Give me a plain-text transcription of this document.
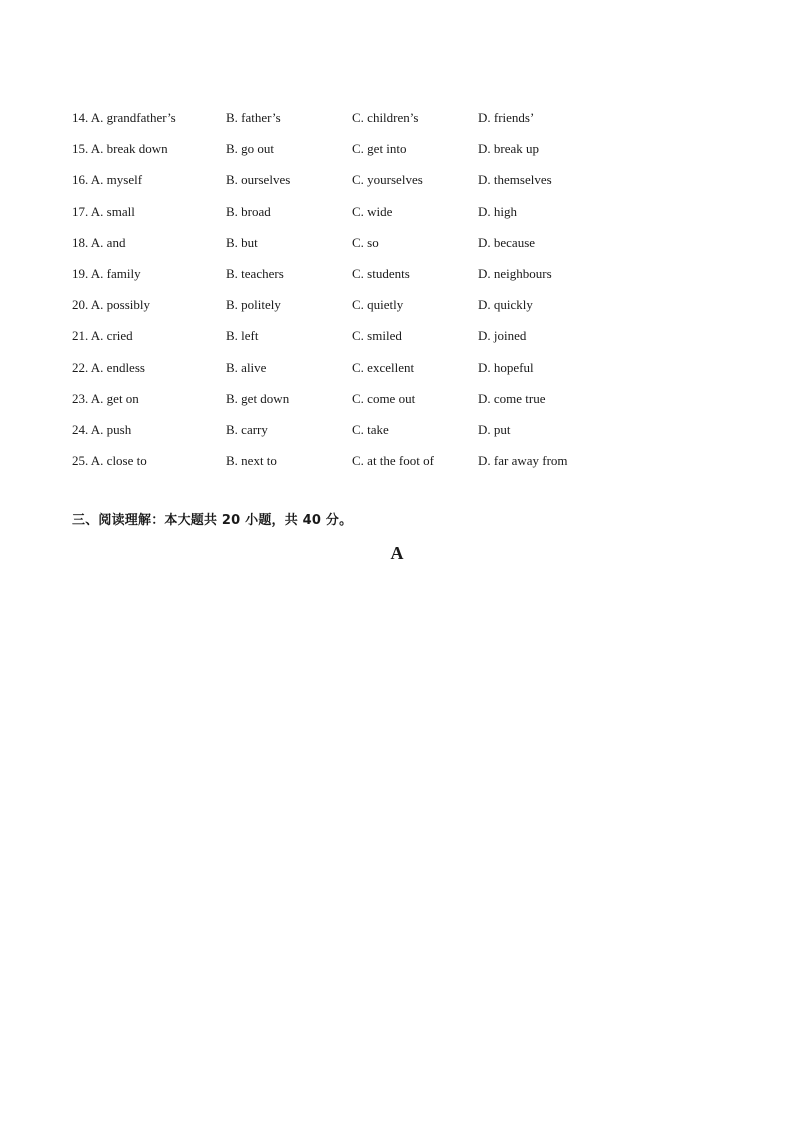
14. A. grandfather’s	B. father’s	C. children’s	D. friends’
15. A. break down	B. go out	C. get into	D. break up
16. A. myself	B. ourselves	C. yourselves	D. themselves
17. A. small	B. broad	C. wide	D. high
18. A. and	B. but	C. so	D. because
19. A. family	B. teachers	C. students	D. neighbours
20. A. possibly	B. politely	C. quietly	D. quickly
21. A. cried	B. left	C. smiled	D. joined
22. A. endless	B. alive	C. excellent	D. hopeful
23. A. get on	B. get down	C. come out	D. come true
24. A. push	B. carry	C. take	D. put
25. A. close to	B. next to	C. at the foot of	D. far away from
三、阅读理解：本大题共 20 小题，共 40 分。
A
